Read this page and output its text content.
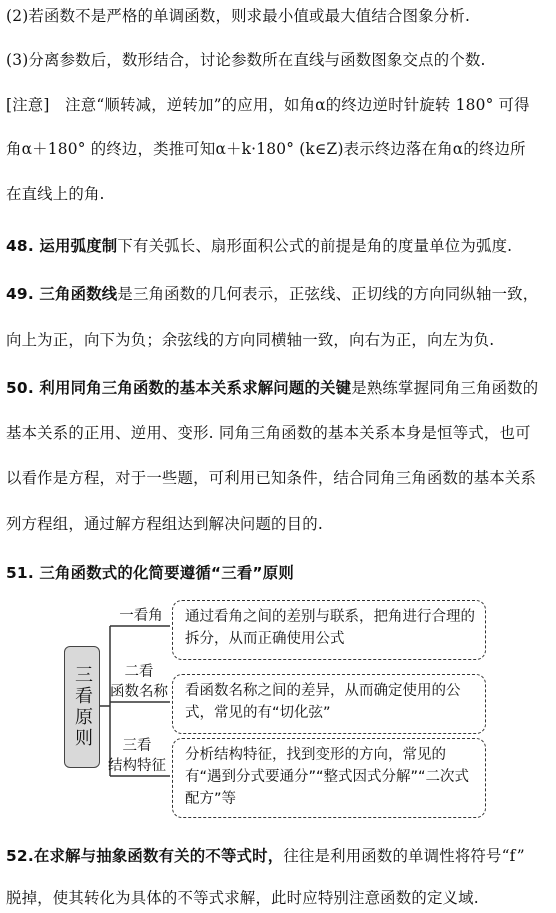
(2)若函数不是严格的单调函数，则求最小值或最大值结合图象分析.
(3)分离参数后，数形结合，讨论参数所在直线与函数图象交点的个数.
[注意]　注意“顺转减，逆转加”的应用，如角α的终边逆时针旋转 180° 可得
角α＋180° 的终边，类推可知α＋k·180° (k∈Z)表示终边落在角α的终边所
在直线上的角.
48. 运用弧度制下有关弧长、扇形面积公式的前提是角的度量单位为弧度.
49. 三角函数线是三角函数的几何表示，正弦线、正切线的方向同纵轴一致，
向上为正，向下为负；余弦线的方向同横轴一致，向右为正，向左为负.
50. 利用同角三角函数的基本关系求解问题的关键是熟练掌握同角三角函数的
基本关系的正用、逆用、变形. 同角三角函数的基本关系本身是恒等式，也可
以看作是方程，对于一些题，可利用已知条件，结合同角三角函数的基本关系
列方程组，通过解方程组达到解决问题的目的.
51. 三角函数式的化简要遵循“三看”原则
三看原则
一看角
二看
函数名称
三看
结构特征
通过看角之间的差别与联系，把角进行合理的拆分，从而正确使用公式
看函数名称之间的差异，从而确定使用的公式，常见的有“切化弦”
分析结构特征，找到变形的方向，常见的有“遇到分式要通分”“整式因式分解”“二次式配方”等
52.在求解与抽象函数有关的不等式时，往往是利用函数的单调性将符号“f”
脱掉，使其转化为具体的不等式求解，此时应特别注意函数的定义域.
